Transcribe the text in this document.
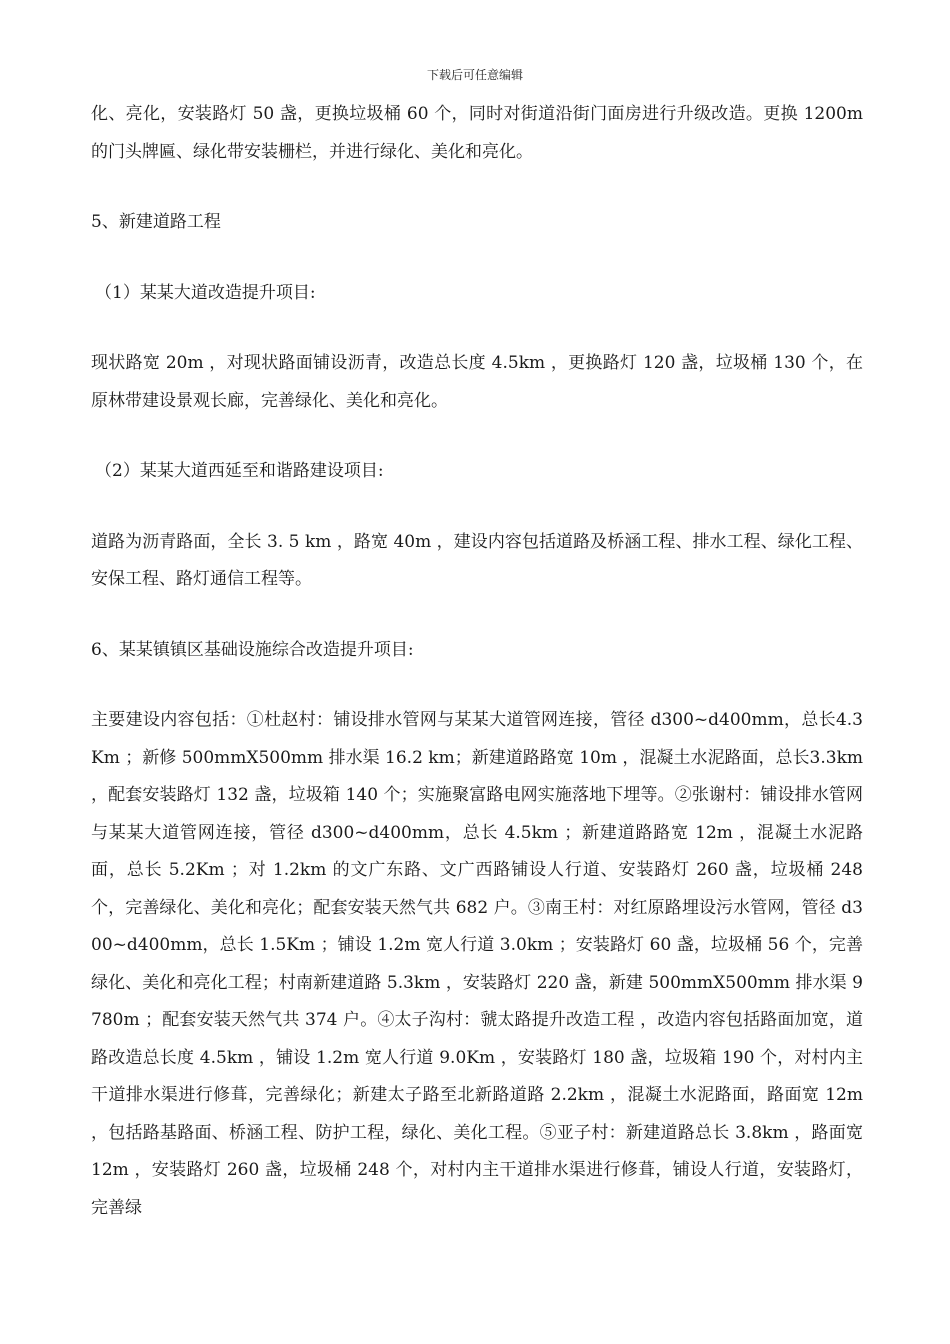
下载后可任意编辑

化、亮化，安装路灯 50 盏，更换垃圾桶 60 个，同时对街道沿街门面房进行升级改造。更换 1200m 的门头牌匾、绿化带安装栅栏，并进行绿化、美化和亮化。

5、新建道路工程

（1）某某大道改造提升项目:

现状路宽 20m ，对现状路面铺设沥青，改造总长度 4.5km ，更换路灯 120 盏，垃圾桶 130 个，在原林带建设景观长廊，完善绿化、美化和亮化。

（2）某某大道西延至和谐路建设项目:

道路为沥青路面，全长 3. 5 km ，路宽 40m ，建设内容包括道路及桥涵工程、排水工程、绿化工程、安保工程、路灯通信工程等。

6、某某镇镇区基础设施综合改造提升项目:

主要建设内容包括：①杜赵村：铺设排水管网与某某大道管网连接，管径 d300~d400mm，总长4.3Km ；新修 500mmX500mm 排水渠 16.2 km；新建道路路宽 10m ，混凝土水泥路面，总长3.3km ，配套安装路灯 132 盏，垃圾箱 140 个；实施聚富路电网实施落地下埋等。②张谢村：铺设排水管网与某某大道管网连接，管径 d300~d400mm，总长 4.5km ；新建道路路宽 12m ，混凝土水泥路面，总长 5.2Km ；对 1.2km 的文广东路、文广西路铺设人行道、安装路灯 260 盏，垃圾桶 248 个，完善绿化、美化和亮化；配套安装天然气共 682 户。③南王村：对红原路埋设污水管网，管径 d300~d400mm，总长 1.5Km ；铺设 1.2m 宽人行道 3.0km ；安装路灯 60 盏，垃圾桶 56 个，完善绿化、美化和亮化工程；村南新建道路 5.3km ，安装路灯 220 盏，新建 500mmX500mm 排水渠 9780m ；配套安装天然气共 374 户。④太子沟村：虢太路提升改造工程 ，改造内容包括路面加宽，道路改造总长度 4.5km ，铺设 1.2m 宽人行道 9.0Km ，安装路灯 180 盏，垃圾箱 190 个，对村内主干道排水渠进行修葺，完善绿化；新建太子路至北新路道路 2.2km ，混凝土水泥路面，路面宽 12m ，包括路基路面、桥涵工程、防护工程，绿化、美化工程。⑤亚子村：新建道路总长 3.8km ，路面宽 12m ，安装路灯 260 盏，垃圾桶 248 个，对村内主干道排水渠进行修葺，铺设人行道，安装路灯，完善绿
